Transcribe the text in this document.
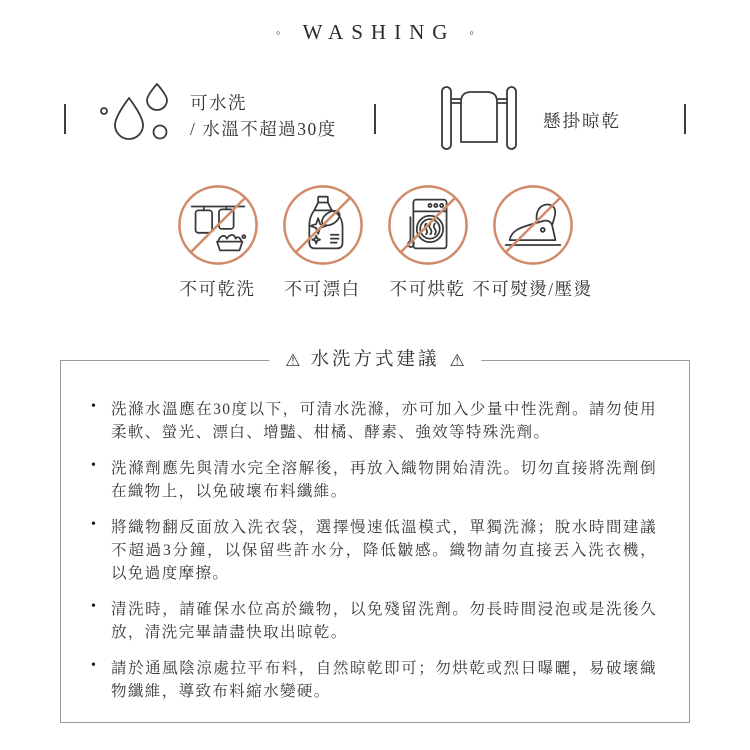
◦	WASHING ◦
可水洗
/ 水溫不超過30度	懸掛晾乾
不可乾洗 不可漂白 不可烘乾 不可熨燙/壓燙
⚠ 水洗方式建議 ⚠
• 洗滌水溫應在30度以下，可清水洗滌，亦可加入少量中性洗劑。請勿使用柔軟、螢光、漂白、增豔、柑橘、酵素、強效等特殊洗劑。
• 洗滌劑應先與清水完全溶解後，再放入織物開始清洗。切勿直接將洗劑倒在織物上，以免破壞布料纖維。
• 將織物翻反面放入洗衣袋，選擇慢速低溫模式，單獨洗滌；脫水時間建議不超過3分鐘，以保留些許水分，降低皺感。織物請勿直接丟入洗衣機，以免過度摩擦。
• 清洗時，請確保水位高於織物，以免殘留洗劑。勿長時間浸泡或是洗後久放，清洗完畢請盡快取出晾乾。
• 請於通風陰涼處拉平布料，自然晾乾即可；勿烘乾或烈日曝曬，易破壞織物纖維，導致布料縮水變硬。
